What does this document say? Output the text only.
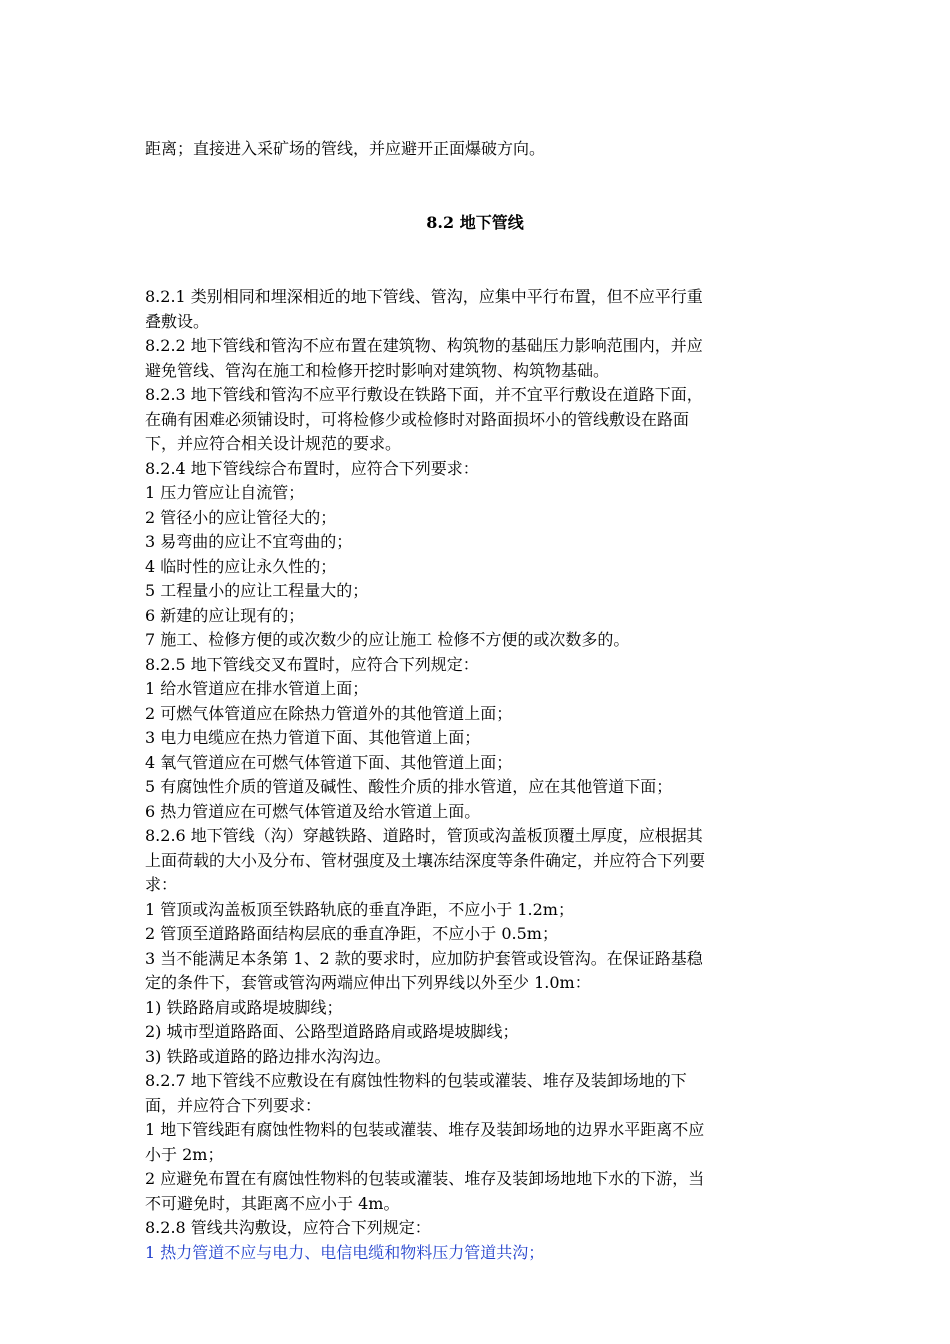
距离；直接进入采矿场的管线，并应避开正面爆破方向。

8.2 地下管线

8.2.1 类别相同和埋深相近的地下管线、管沟，应集中平行布置，但不应平行重

叠敷设。

8.2.2 地下管线和管沟不应布置在建筑物、构筑物的基础压力影响范围内，并应

避免管线、管沟在施工和检修开挖时影响对建筑物、构筑物基础。

8.2.3 地下管线和管沟不应平行敷设在铁路下面，并不宜平行敷设在道路下面，

在确有困难必须铺设时，可将检修少或检修时对路面损坏小的管线敷设在路面

下，并应符合相关设计规范的要求。

8.2.4 地下管线综合布置时，应符合下列要求：

1 压力管应让自流管；

2 管径小的应让管径大的；

3 易弯曲的应让不宜弯曲的；

4 临时性的应让永久性的；

5 工程量小的应让工程量大的；

6 新建的应让现有的；

7 施工、检修方便的或次数少的应让施工 检修不方便的或次数多的。

8.2.5 地下管线交叉布置时，应符合下列规定：

1 给水管道应在排水管道上面；

2 可燃气体管道应在除热力管道外的其他管道上面；

3 电力电缆应在热力管道下面、其他管道上面；

4 氧气管道应在可燃气体管道下面、其他管道上面；

5 有腐蚀性介质的管道及碱性、酸性介质的排水管道，应在其他管道下面；

6 热力管道应在可燃气体管道及给水管道上面。

8.2.6 地下管线（沟）穿越铁路、道路时，管顶或沟盖板顶覆土厚度，应根据其

上面荷载的大小及分布、管材强度及土壤冻结深度等条件确定，并应符合下列要

求：

1 管顶或沟盖板顶至铁路轨底的垂直净距，不应小于 1.2m；

2 管顶至道路路面结构层底的垂直净距，不应小于 0.5m；

3 当不能满足本条第 1、2 款的要求时，应加防护套管或设管沟。在保证路基稳

定的条件下，套管或管沟两端应伸出下列界线以外至少 1.0m：

1) 铁路路肩或路堤坡脚线；

2) 城市型道路路面、公路型道路路肩或路堤坡脚线；

3) 铁路或道路的路边排水沟沟边。

8.2.7 地下管线不应敷设在有腐蚀性物料的包装或灌装、堆存及装卸场地的下

面，并应符合下列要求：

1 地下管线距有腐蚀性物料的包装或灌装、堆存及装卸场地的边界水平距离不应

小于 2m；

2 应避免布置在有腐蚀性物料的包装或灌装、堆存及装卸场地地下水的下游，当

不可避免时，其距离不应小于 4m。

8.2.8 管线共沟敷设，应符合下列规定：

1 热力管道不应与电力、电信电缆和物料压力管道共沟；
